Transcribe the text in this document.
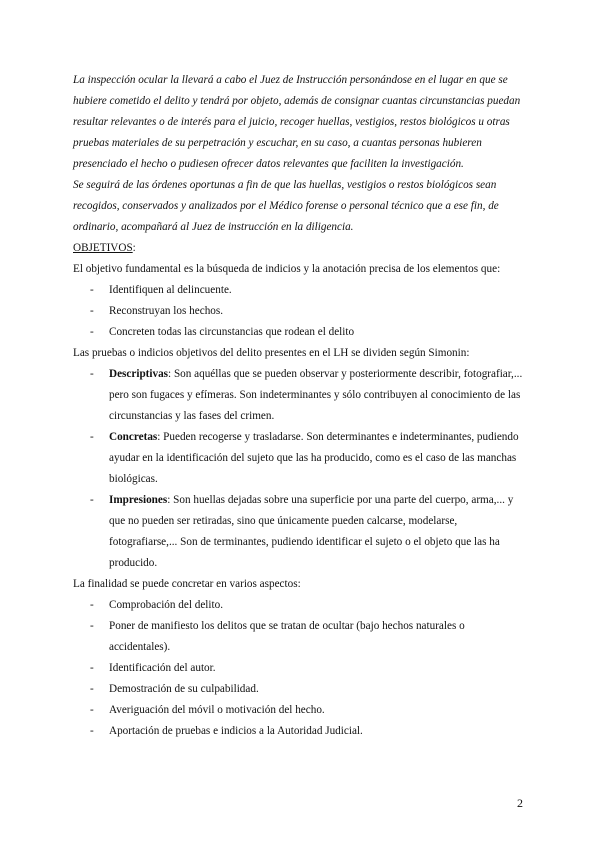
La inspección ocular la llevará a cabo el Juez de Instrucción personándose en el lugar en que se hubiere cometido el delito y tendrá por objeto, además de consignar cuantas circunstancias puedan resultar relevantes o de interés para el juicio, recoger huellas, vestigios, restos biológicos u otras pruebas materiales de su perpetración y escuchar, en su caso, a cuantas personas hubieren presenciado el hecho o pudiesen ofrecer datos relevantes que faciliten la investigación.

Se seguirá de las órdenes oportunas a fin de que las huellas, vestigios o restos biológicos sean recogidos, conservados y analizados por el Médico forense o personal técnico que a ese fin, de ordinario, acompañará al Juez de instrucción en la diligencia.

OBJETIVOS:

El objetivo fundamental es la búsqueda de indicios y la anotación precisa de los elementos que:

- Identifiquen al delincuente.
- Reconstruyan los hechos.
- Concreten todas las circunstancias que rodean el delito

Las pruebas o indicios objetivos del delito presentes en el LH se dividen según Simonin:

- Descriptivas: Son aquéllas que se pueden observar y posteriormente describir, fotografiar,... pero son fugaces y efímeras. Son indeterminantes y sólo contribuyen al conocimiento de las circunstancias y las fases del crimen.
- Concretas: Pueden recogerse y trasladarse. Son determinantes e indeterminantes, pudiendo ayudar en la identificación del sujeto que las ha producido, como es el caso de las manchas biológicas.
- Impresiones: Son huellas dejadas sobre una superficie por una parte del cuerpo, arma,... y que no pueden ser retiradas, sino que únicamente pueden calcarse, modelarse, fotografiarse,... Son de terminantes, pudiendo identificar el sujeto o el objeto que las ha producido.

La finalidad se puede concretar en varios aspectos:

- Comprobación del delito.
- Poner de manifiesto los delitos que se tratan de ocultar (bajo hechos naturales o accidentales).
- Identificación del autor.
- Demostración de su culpabilidad.
- Averiguación del móvil o motivación del hecho.
- Aportación de pruebas e indicios a la Autoridad Judicial.
2
